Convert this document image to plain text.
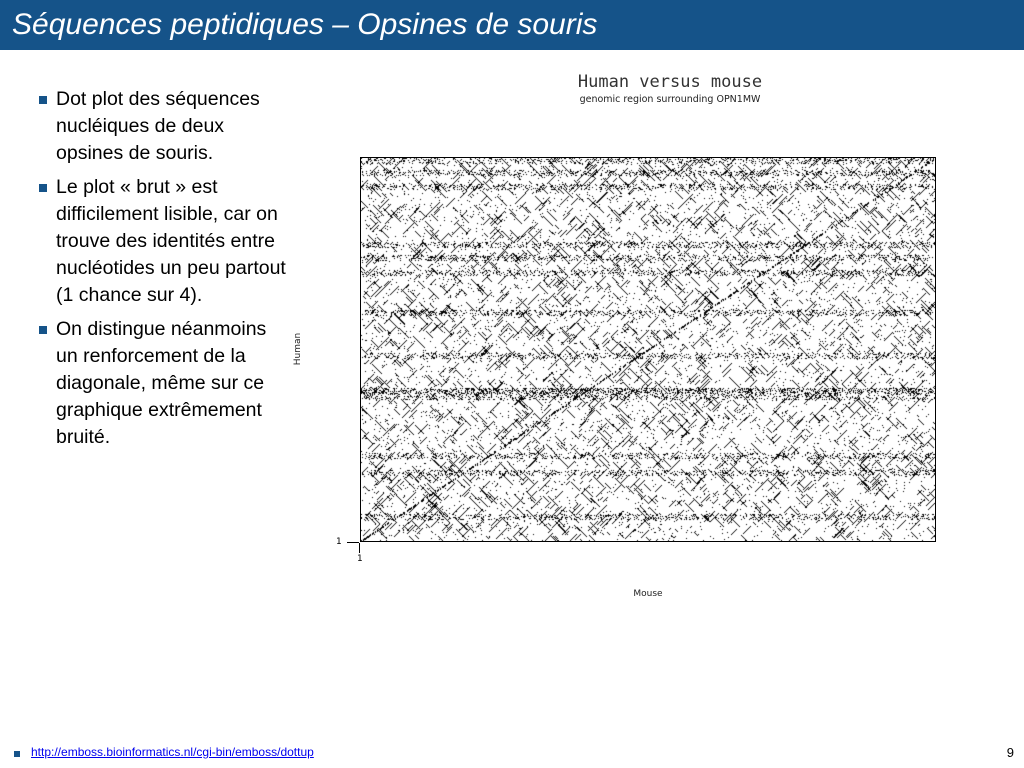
Séquences peptidiques – Opsines de souris
Dot plot des séquences nucléiques de deux opsines de souris.
Le plot « brut » est difficilement lisible, car on trouve des identités entre nucléotides un peu partout (1 chance sur 4).
On distingue néanmoins un renforcement de la diagonale, même sur ce graphique extrêmement bruité.
Human versus mouse
genomic region surrounding OPN1MW
Human
1
1
Mouse
http://emboss.bioinformatics.nl/cgi-bin/emboss/dottup	9
